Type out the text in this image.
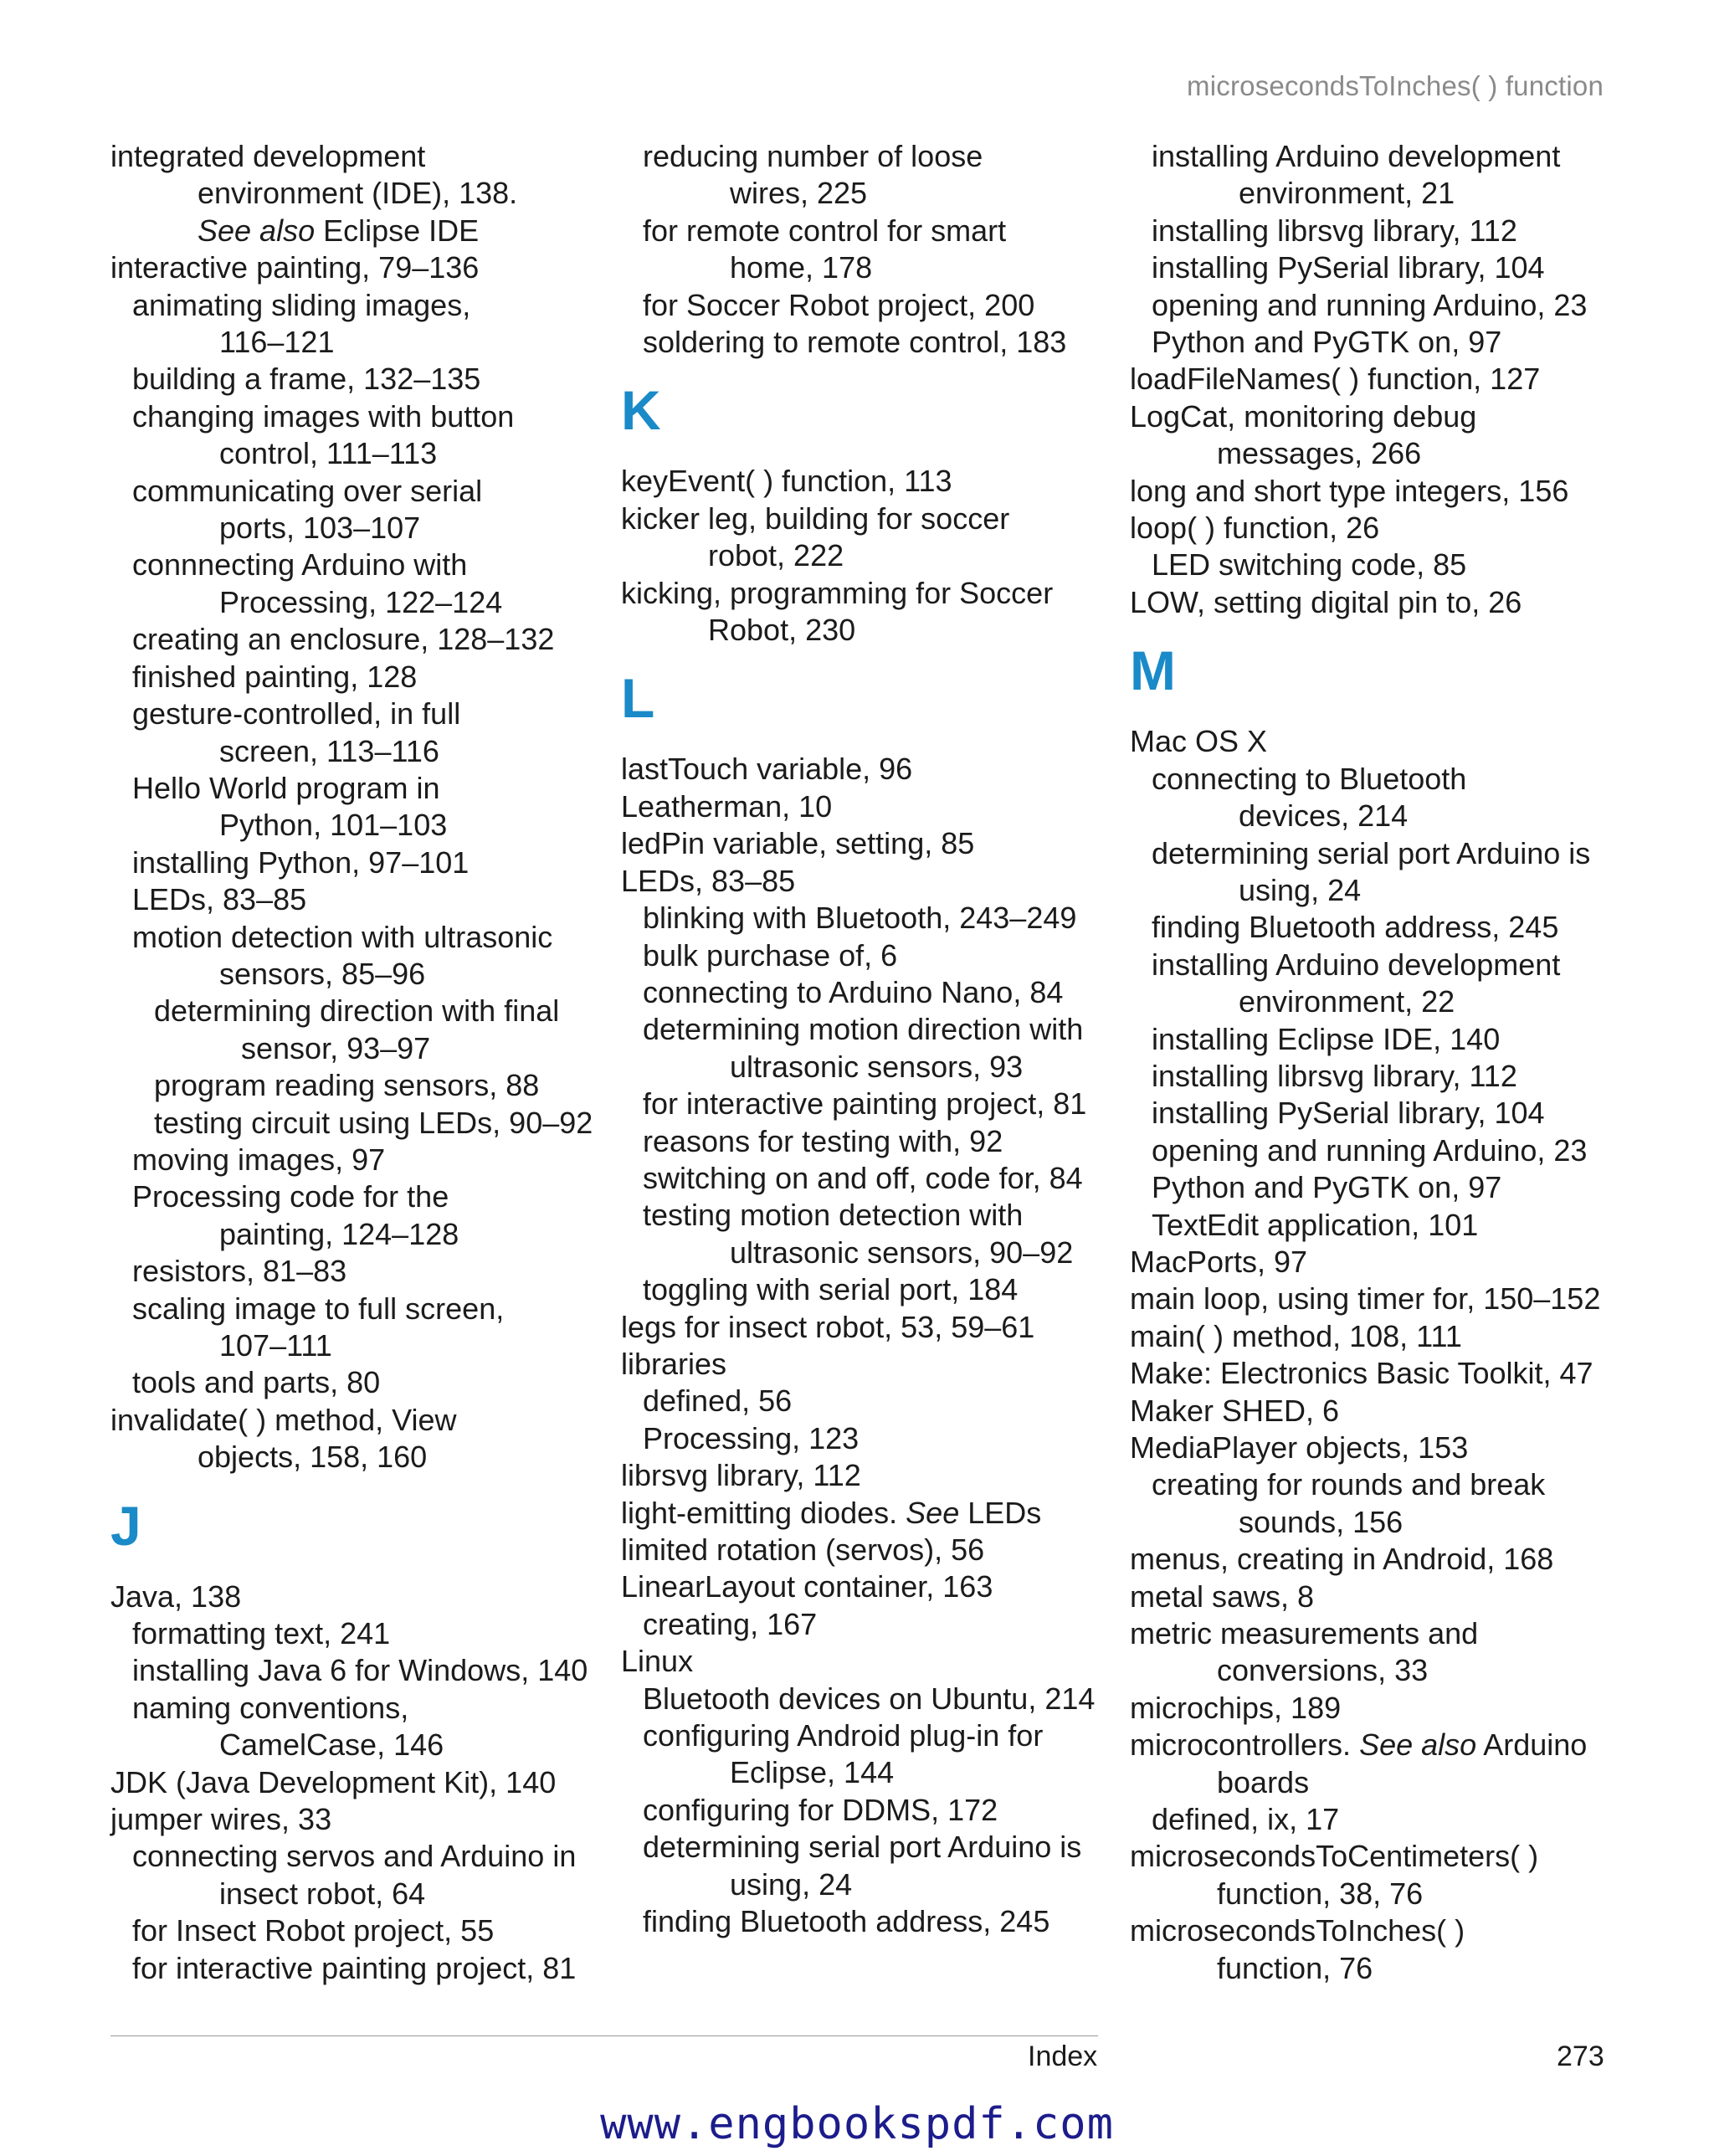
microsecondsToInches( ) function
integrated development
environment (IDE), 138.
See also Eclipse IDE
interactive painting, 79–136
animating sliding images,
116–121
building a frame, 132–135
changing images with button
control, 111–113
communicating over serial
ports, 103–107
connnecting Arduino with
Processing, 122–124
creating an enclosure, 128–132
finished painting, 128
gesture-controlled, in full
screen, 113–116
Hello World program in
Python, 101–103
installing Python, 97–101
LEDs, 83–85
motion detection with ultrasonic
sensors, 85–96
determining direction with final
sensor, 93–97
program reading sensors, 88
testing circuit using LEDs, 90–92
moving images, 97
Processing code for the
painting, 124–128
resistors, 81–83
scaling image to full screen,
107–111
tools and parts, 80
invalidate( ) method, View
objects, 158, 160
J
Java, 138
formatting text, 241
installing Java 6 for Windows, 140
naming conventions,
CamelCase, 146
JDK (Java Development Kit), 140
jumper wires, 33
connecting servos and Arduino in
insect robot, 64
for Insect Robot project, 55
for interactive painting project, 81
reducing number of loose
wires, 225
for remote control for smart
home, 178
for Soccer Robot project, 200
soldering to remote control, 183
K
keyEvent( ) function, 113
kicker leg, building for soccer
robot, 222
kicking, programming for Soccer
Robot, 230
L
lastTouch variable, 96
Leatherman, 10
ledPin variable, setting, 85
LEDs, 83–85
blinking with Bluetooth, 243–249
bulk purchase of, 6
connecting to Arduino Nano, 84
determining motion direction with
ultrasonic sensors, 93
for interactive painting project, 81
reasons for testing with, 92
switching on and off, code for, 84
testing motion detection with
ultrasonic sensors, 90–92
toggling with serial port, 184
legs for insect robot, 53, 59–61
libraries
defined, 56
Processing, 123
librsvg library, 112
light-emitting diodes. See LEDs
limited rotation (servos), 56
LinearLayout container, 163
creating, 167
Linux
Bluetooth devices on Ubuntu, 214
configuring Android plug-in for
Eclipse, 144
configuring for DDMS, 172
determining serial port Arduino is
using, 24
finding Bluetooth address, 245
installing Arduino development
environment, 21
installing librsvg library, 112
installing PySerial library, 104
opening and running Arduino, 23
Python and PyGTK on, 97
loadFileNames( ) function, 127
LogCat, monitoring debug
messages, 266
long and short type integers, 156
loop( ) function, 26
LED switching code, 85
LOW, setting digital pin to, 26
M
Mac OS X
connecting to Bluetooth
devices, 214
determining serial port Arduino is
using, 24
finding Bluetooth address, 245
installing Arduino development
environment, 22
installing Eclipse IDE, 140
installing librsvg library, 112
installing PySerial library, 104
opening and running Arduino, 23
Python and PyGTK on, 97
TextEdit application, 101
MacPorts, 97
main loop, using timer for, 150–152
main( ) method, 108, 111
Make: Electronics Basic Toolkit, 47
Maker SHED, 6
MediaPlayer objects, 153
creating for rounds and break
sounds, 156
menus, creating in Android, 168
metal saws, 8
metric measurements and
conversions, 33
microchips, 189
microcontrollers. See also Arduino
boards
defined, ix, 17
microsecondsToCentimeters( )
function, 38, 76
microsecondsToInches( )
function, 76
Index	273
www.engbookspdf.com
